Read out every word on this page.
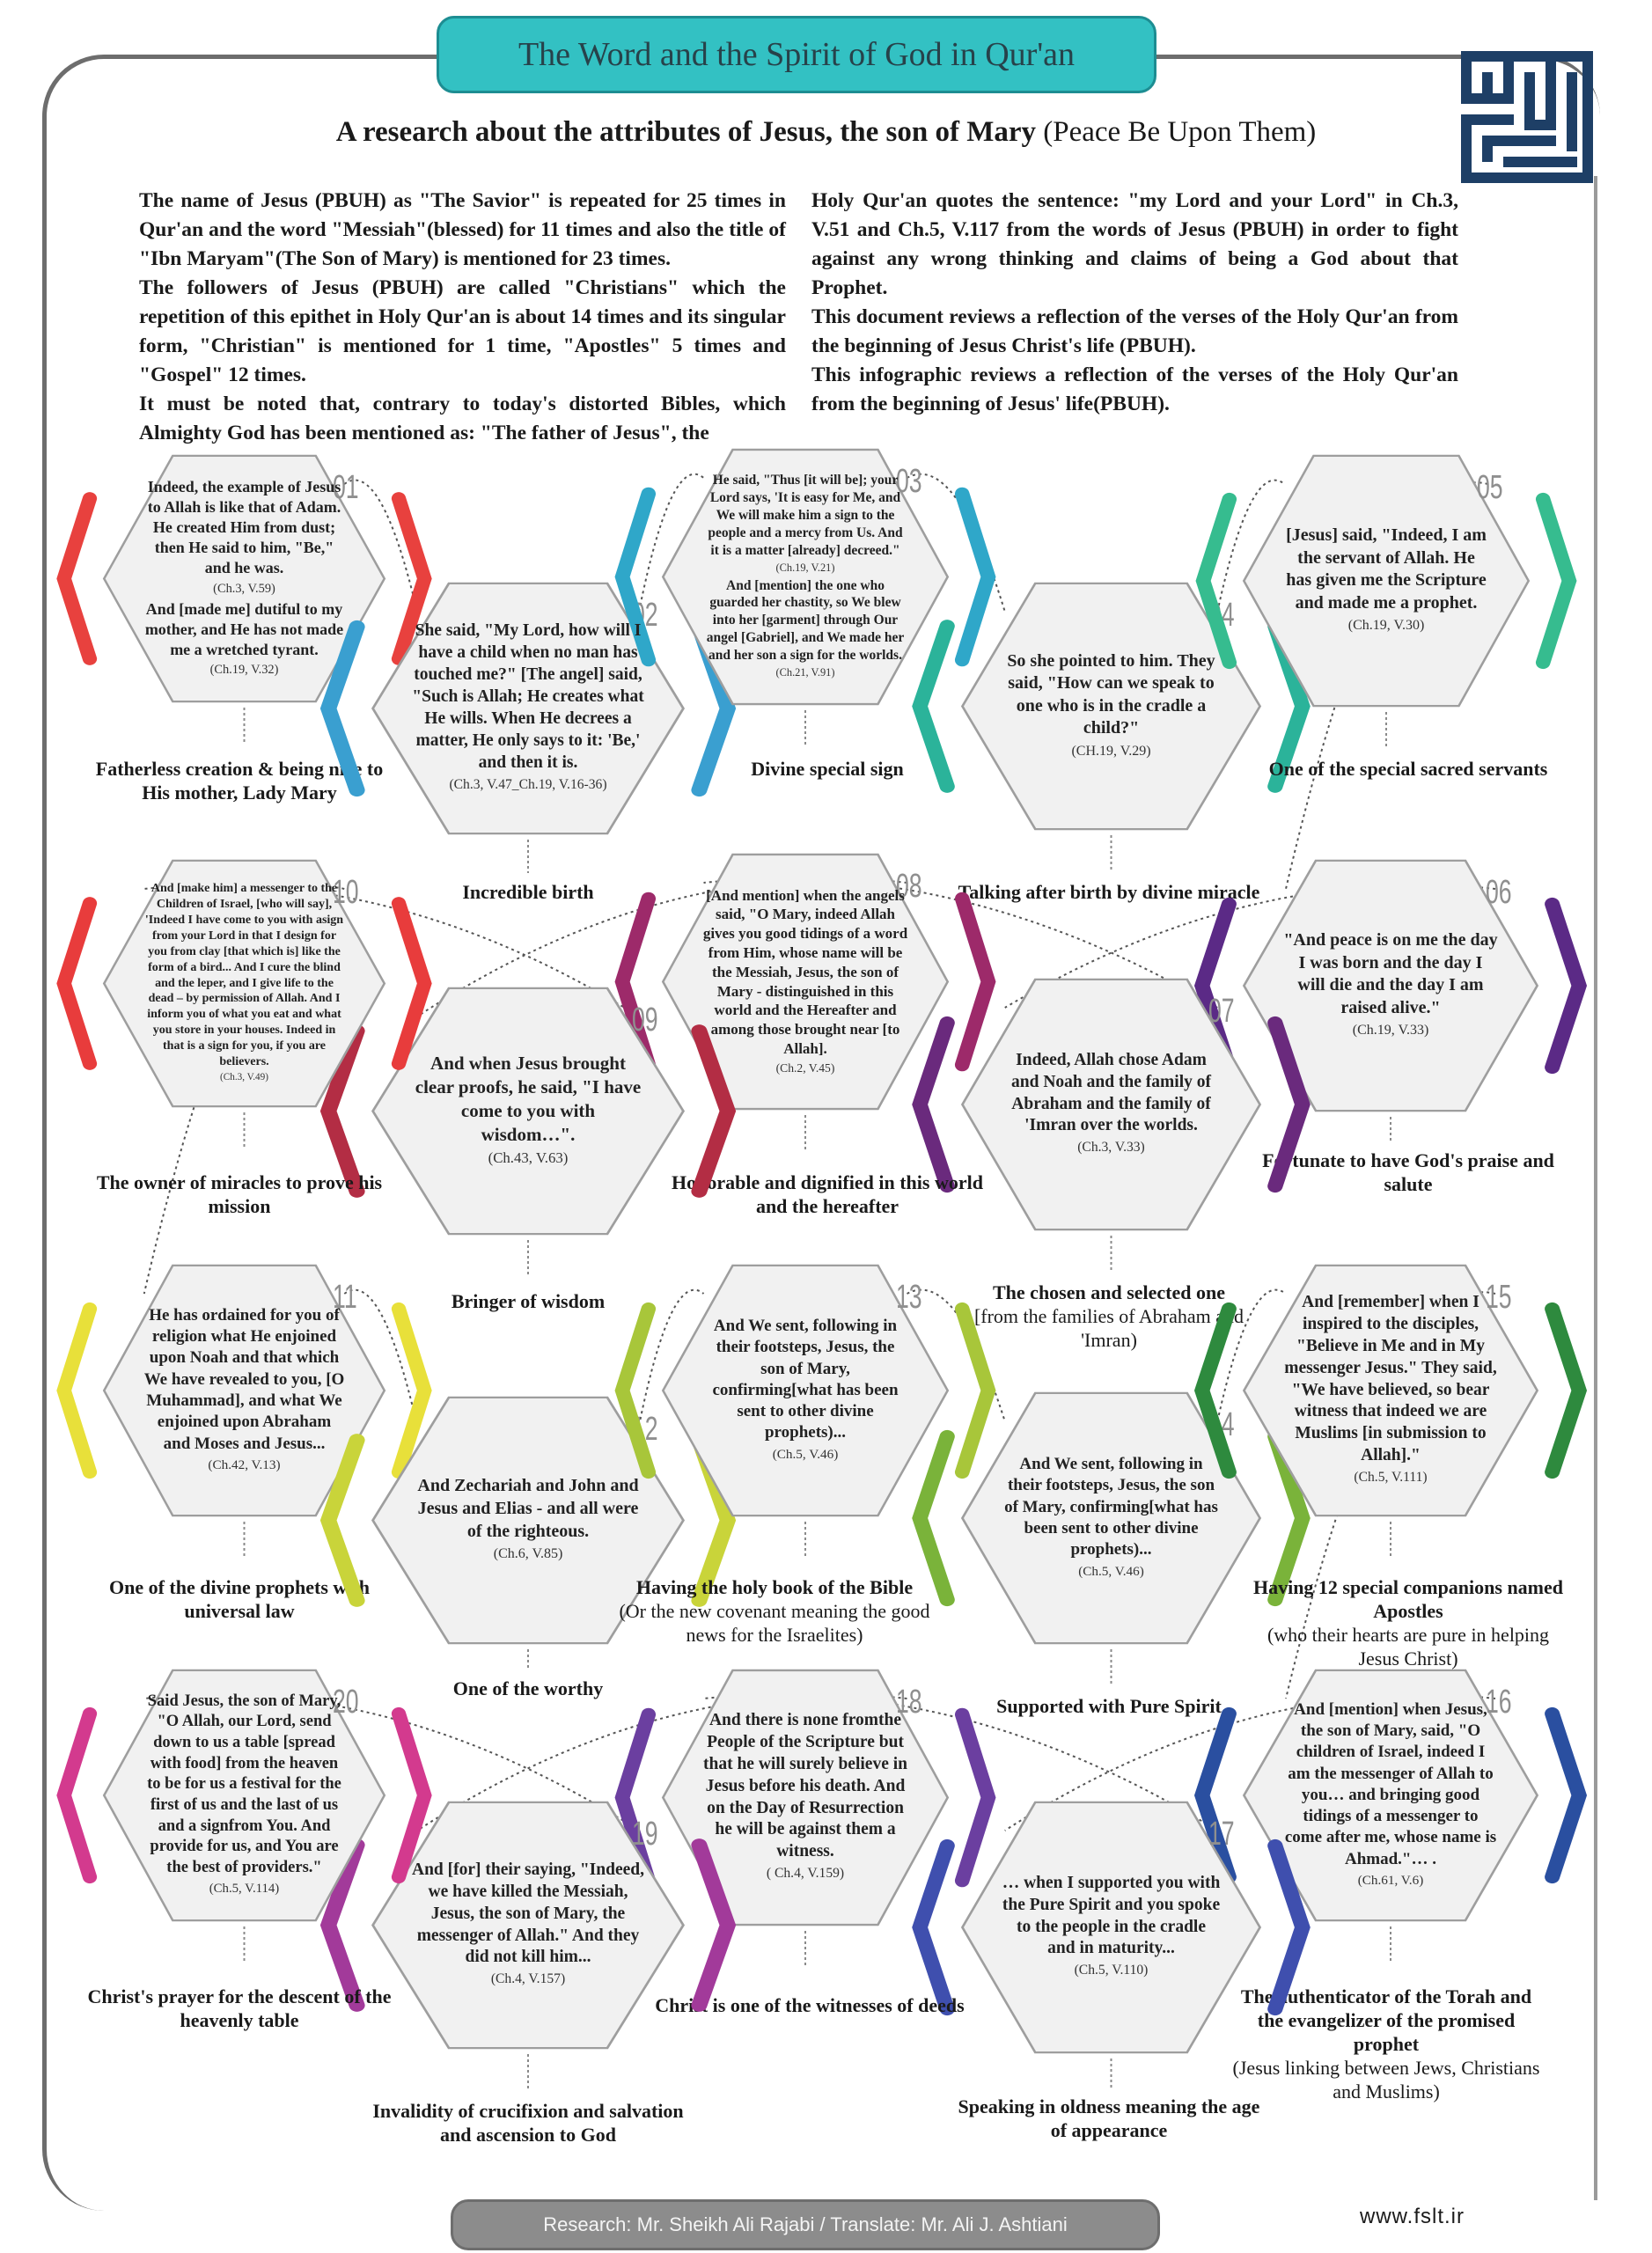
The Word and the Spirit of God in Qur'an
A research about the attributes of Jesus, the son of Mary (Peace Be Upon Them)

The name of Jesus (PBUH) as "The Savior" is repeated for 25 times in Qur'an and the word "Messiah"(blessed) for 11 times and also the title of "Ibn Maryam"(The Son of Mary) is mentioned for 23 times.

The followers of Jesus (PBUH) are called "Christians" which the repetition of this epithet in Holy Qur'an is about 14 times and its singular form, "Christian" is mentioned for 1 time, "Apostles" 5 times and "Gospel" 12 times.

It must be noted that, contrary to today's distorted Bibles, which Almighty God has been mentioned as: "The father of Jesus", the

Holy Qur'an quotes the sentence: "my Lord and your Lord" in Ch.3, V.51 and Ch.5, V.117 from the words of Jesus (PBUH) in order to fight against any wrong thinking and claims of being a God about that Prophet.

This document reviews a reflection of the verses of the Holy Qur'an from the beginning of Jesus Christ's life (PBUH).

This infographic reviews a reflection of the verses of the Holy Qur'an from the beginning of Jesus' life(PBUH).

Indeed, the example of Jesus to Allah is like that of Adam. He created Him from dust; then He said to him, "Be," and he was.
(Ch.3, V.59)
And [made me] dutiful to my mother, and He has not made me a wretched tyrant.
(Ch.19, V.32)
01
Fatherless creation & being nice to His mother, Lady Mary
She said, "My Lord, how will I have a child when no man has touched me?" [The angel] said, "Such is Allah; He creates what He wills. When He decrees a matter, He only says to it: 'Be,' and then it is.
(Ch.3, V.47_Ch.19, V.16-36)
02
Incredible birth
He said, "Thus [it will be]; your Lord says, 'It is easy for Me, and We will make him a sign to the people and a mercy from Us. And it is a matter [already] decreed."
(Ch.19, V.21)
And [mention] the one who guarded her chastity, so We blew into her [garment] through Our angel [Gabriel], and We made her and her son a sign for the worlds.
(Ch.21, V.91)
03
Divine special sign
So she pointed to him. They said, "How can we speak to one who is in the cradle a child?"
(CH.19, V.29)
04
Talking after birth by divine miracle
[Jesus] said, "Indeed, I am the servant of Allah. He has given me the Scripture and made me a prophet.
(Ch.19, V.30)
05
One of the special sacred servants
"And peace is on me the day I was born and the day I will die and the day I am raised alive."
(Ch.19, V.33)
06
Fortunate to have God's praise and salute
Indeed, Allah chose Adam and Noah and the family of Abraham and the family of 'Imran over the worlds.
(Ch.3, V.33)
07
The chosen and selected one
[from the families of Abraham and 'Imran)
[And mention] when the angels said, "O Mary, indeed Allah gives you good tidings of a word from Him, whose name will be the Messiah, Jesus, the son of Mary - distinguished in this world and the Hereafter and among those brought near [to Allah].
(Ch.2, V.45)
08
Honorable and dignified in this world and the hereafter
And when Jesus brought clear proofs, he said, "I have come to you with wisdom…".
(Ch.43, V.63)
09
Bringer of wisdom
And [make him] a messenger to the Children of Israel, [who will say], 'Indeed I have come to you with asign from your Lord in that I design for you from clay [that which is] like the form of a bird... And I cure the blind and the leper, and I give life to the dead – by permission of Allah. And I inform you of what you eat and what you store in your houses. Indeed in that is a sign for you, if you are believers.
(Ch.3, V.49)
10
The owner of miracles to prove his mission
He has ordained for you of religion what He enjoined upon Noah and that which We have revealed to you, [O Muhammad], and what We enjoined upon Abraham and Moses and Jesus...
(Ch.42, V.13)
11
One of the divine prophets with universal law
And Zechariah and John and Jesus and Elias - and all were of the righteous.
(Ch.6, V.85)
12
One of the worthy
And We sent, following in their footsteps, Jesus, the son of Mary, confirming[what has been sent to other divine prophets)...
(Ch.5, V.46)
13
Having the holy book of the Bible
(Or the new covenant meaning the good news for the Israelites)
And We sent, following in their footsteps, Jesus, the son of Mary, confirming[what has been sent to other divine prophets)...
(Ch.5, V.46)
14
Supported with Pure Spirit
And [remember] when I inspired to the disciples, "Believe in Me and in My messenger Jesus." They said, "We have believed, so bear witness that indeed we are Muslims [in submission to Allah]."
(Ch.5, V.111)
15
Having 12 special companions named Apostles
(who their hearts are pure in helping Jesus Christ)
And [mention] when Jesus, the son of Mary, said, "O children of Israel, indeed I am the messenger of Allah to you… and bringing good tidings of a messenger to come after me, whose name is Ahmad."… .
(Ch.61, V.6)
16
The authenticator of the Torah and the evangelizer of the promised prophet
(Jesus linking between Jews, Christians and Muslims)
… when I supported you with the Pure Spirit and you spoke to the people in the cradle and in maturity...
(Ch.5, V.110)
17
Speaking in oldness meaning the age of appearance
And there is none fromthe People of the Scripture but that he will surely believe in Jesus before his death. And on the Day of Resurrection he will be against them a witness.
( Ch.4, V.159)
18
Christ is one of the witnesses of deeds
And [for] their saying, "Indeed, we have killed the Messiah, Jesus, the son of Mary, the messenger of Allah." And they did not kill him...
(Ch.4, V.157)
19
Invalidity of crucifixion and salvation and ascension to God
Said Jesus, the son of Mary, "O Allah, our Lord, send down to us a table [spread with food] from the heaven to be for us a festival for the first of us and the last of us and a signfrom You. And provide for us, and You are the best of providers."
(Ch.5, V.114)
20
Christ's prayer for the descent of the heavenly table
Research: Mr. Sheikh Ali Rajabi / Translate: Mr. Ali J. Ashtiani	www.fslt.ir
